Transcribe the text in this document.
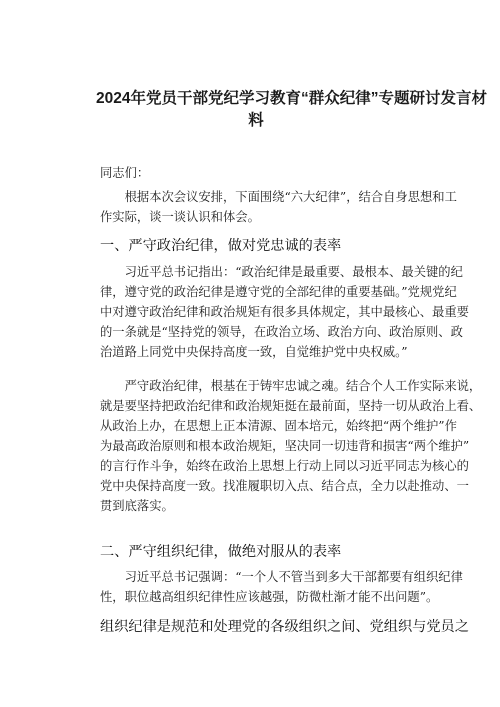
2024年党员干部党纪学习教育“群众纪律”专题研讨发言材
料
同志们：
　　根据本次会议安排，下面围绕“六大纪律”，结合自身思想和工
作实际，谈一谈认识和体会。
一、严守政治纪律，做对党忠诚的表率
　　习近平总书记指出：“政治纪律是最重要、最根本、最关键的纪
律，遵守党的政治纪律是遵守党的全部纪律的重要基础。”党规党纪
中对遵守政治纪律和政治规矩有很多具体规定，其中最核心、最重要
的一条就是“坚持党的领导，在政治立场、政治方向、政治原则、政
治道路上同党中央保持高度一致，自觉维护党中央权威。”
　　严守政治纪律，根基在于铸牢忠诚之魂。结合个人工作实际来说，
就是要坚持把政治纪律和政治规矩挺在最前面，坚持一切从政治上看、
从政治上办，在思想上正本清源、固本培元，始终把“两个维护”作
为最高政治原则和根本政治规矩，坚决同一切违背和损害“两个维护”
的言行作斗争，始终在政治上思想上行动上同以习近平同志为核心的
党中央保持高度一致。找准履职切入点、结合点，全力以赴推动、一
贯到底落实。
二、严守组织纪律，做绝对服从的表率
　　习近平总书记强调：“一个人不管当到多大干部都要有组织纪律
性，职位越高组织纪律性应该越强，防微杜渐才能不出问题”。
组织纪律是规范和处理党的各级组织之间、党组织与党员之
